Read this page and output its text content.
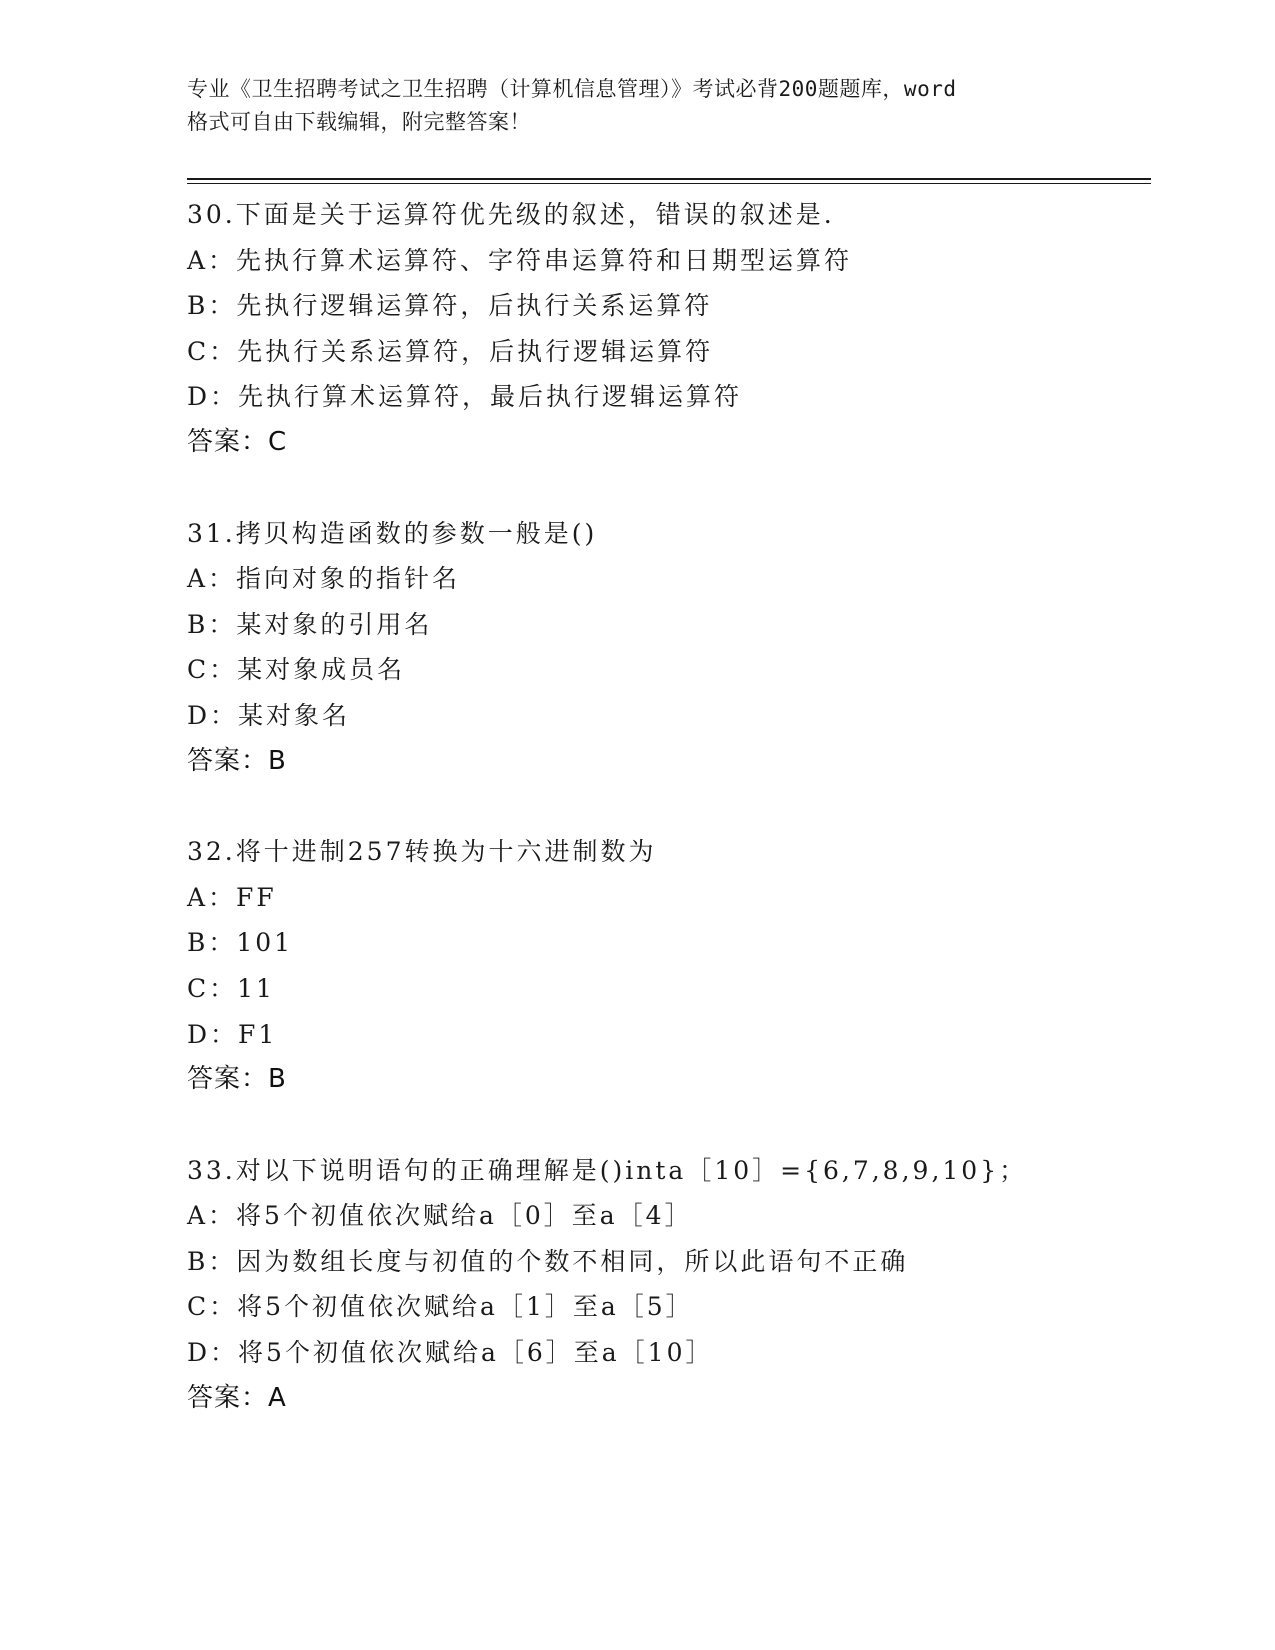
专业《卫生招聘考试之卫生招聘（计算机信息管理）》考试必背200题题库，word
格式可自由下载编辑，附完整答案！
30.下面是关于运算符优先级的叙述，错误的叙述是.
A：先执行算术运算符、字符串运算符和日期型运算符
B：先执行逻辑运算符，后执行关系运算符
C：先执行关系运算符，后执行逻辑运算符
D：先执行算术运算符，最后执行逻辑运算符
答案：C
31.拷贝构造函数的参数一般是()
A：指向对象的指针名
B：某对象的引用名
C：某对象成员名
D：某对象名
答案：B
32.将十进制257转换为十六进制数为
A：FF
B：101
C：11
D：F1
答案：B
33.对以下说明语句的正确理解是()inta［10］={6,7,8,9,10}；
A：将5个初值依次赋给a［0］至a［4］
B：因为数组长度与初值的个数不相同，所以此语句不正确
C：将5个初值依次赋给a［1］至a［5］
D：将5个初值依次赋给a［6］至a［10］
答案：A
